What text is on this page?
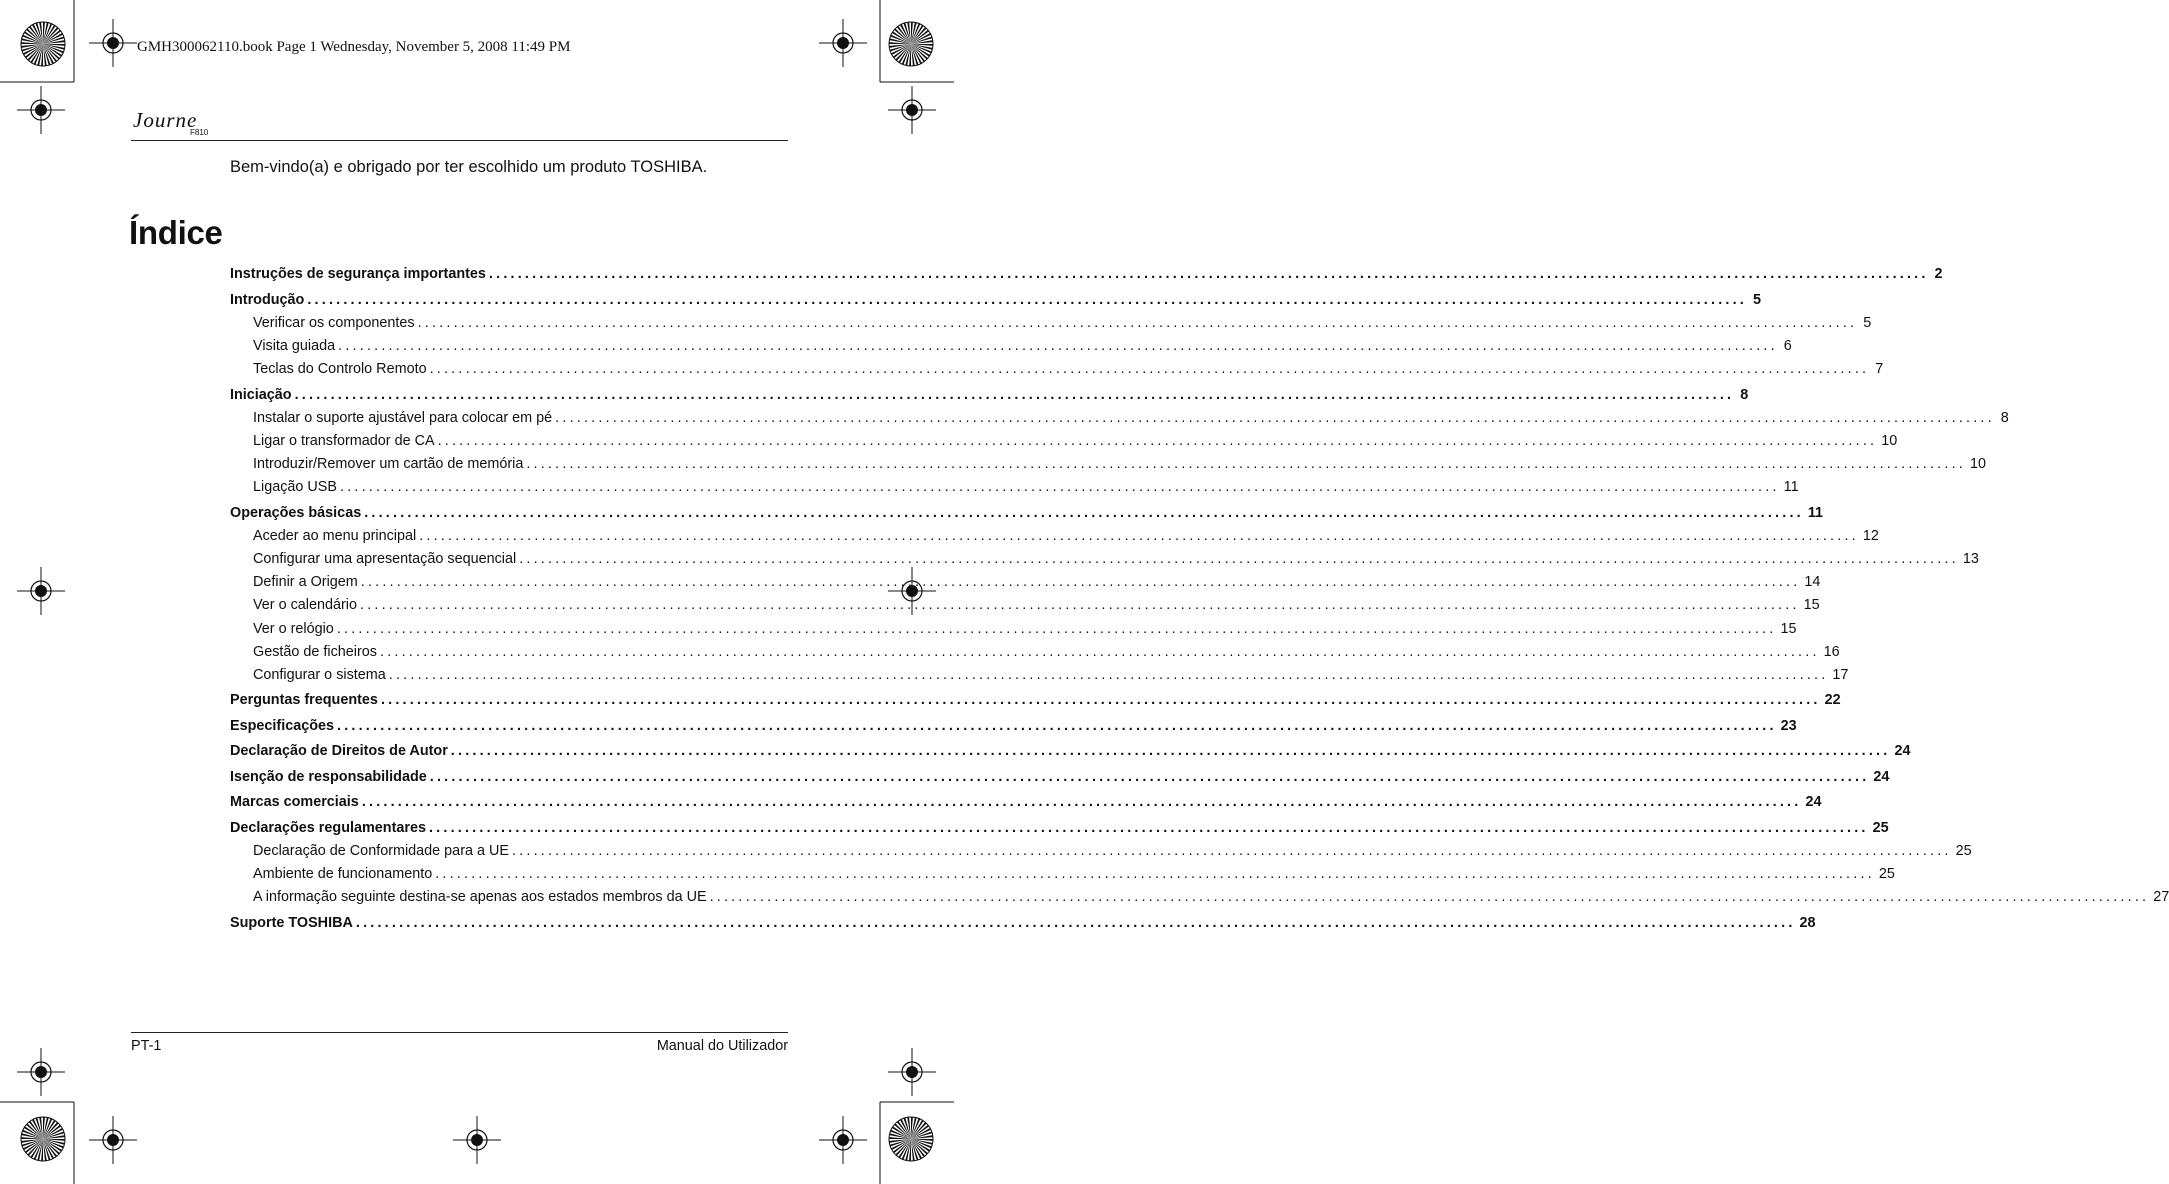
GMH300062110.book Page 1 Wednesday, November 5, 2008 11:49 PM
Journe
F810
Bem-vindo(a) e obrigado por ter escolhido um produto TOSHIBA.
Índice
Instruções de segurança importantes ........................................................................................................................................................................................................ 2
Introdução ........................................................................................................................................................................................................ 5
Verificar os componentes ........................................................................................................................................................................................................ 5
Visita guiada ........................................................................................................................................................................................................ 6
Teclas do Controlo Remoto ........................................................................................................................................................................................................ 7
Iniciação ........................................................................................................................................................................................................ 8
Instalar o suporte ajustável para colocar em pé ........................................................................................................................................................................................................ 8
Ligar o transformador de CA ........................................................................................................................................................................................................ 10
Introduzir/Remover um cartão de memória ........................................................................................................................................................................................................ 10
Ligação USB ........................................................................................................................................................................................................ 11
Operações básicas ........................................................................................................................................................................................................ 11
Aceder ao menu principal ........................................................................................................................................................................................................ 12
Configurar uma apresentação sequencial ........................................................................................................................................................................................................ 13
Definir a Origem ........................................................................................................................................................................................................ 14
Ver o calendário ........................................................................................................................................................................................................ 15
Ver o relógio ........................................................................................................................................................................................................ 15
Gestão de ficheiros ........................................................................................................................................................................................................ 16
Configurar o sistema ........................................................................................................................................................................................................ 17
Perguntas frequentes ........................................................................................................................................................................................................ 22
Especificações ........................................................................................................................................................................................................ 23
Declaração de Direitos de Autor ........................................................................................................................................................................................................ 24
Isenção de responsabilidade ........................................................................................................................................................................................................ 24
Marcas comerciais ........................................................................................................................................................................................................ 24
Declarações regulamentares ........................................................................................................................................................................................................ 25
Declaração de Conformidade para a UE ........................................................................................................................................................................................................ 25
Ambiente de funcionamento ........................................................................................................................................................................................................ 25
A informação seguinte destina-se apenas aos estados membros da UE ........................................................................................................................................................................................................ 27
Suporte TOSHIBA ........................................................................................................................................................................................................ 28
PT-1	Manual do Utilizador
